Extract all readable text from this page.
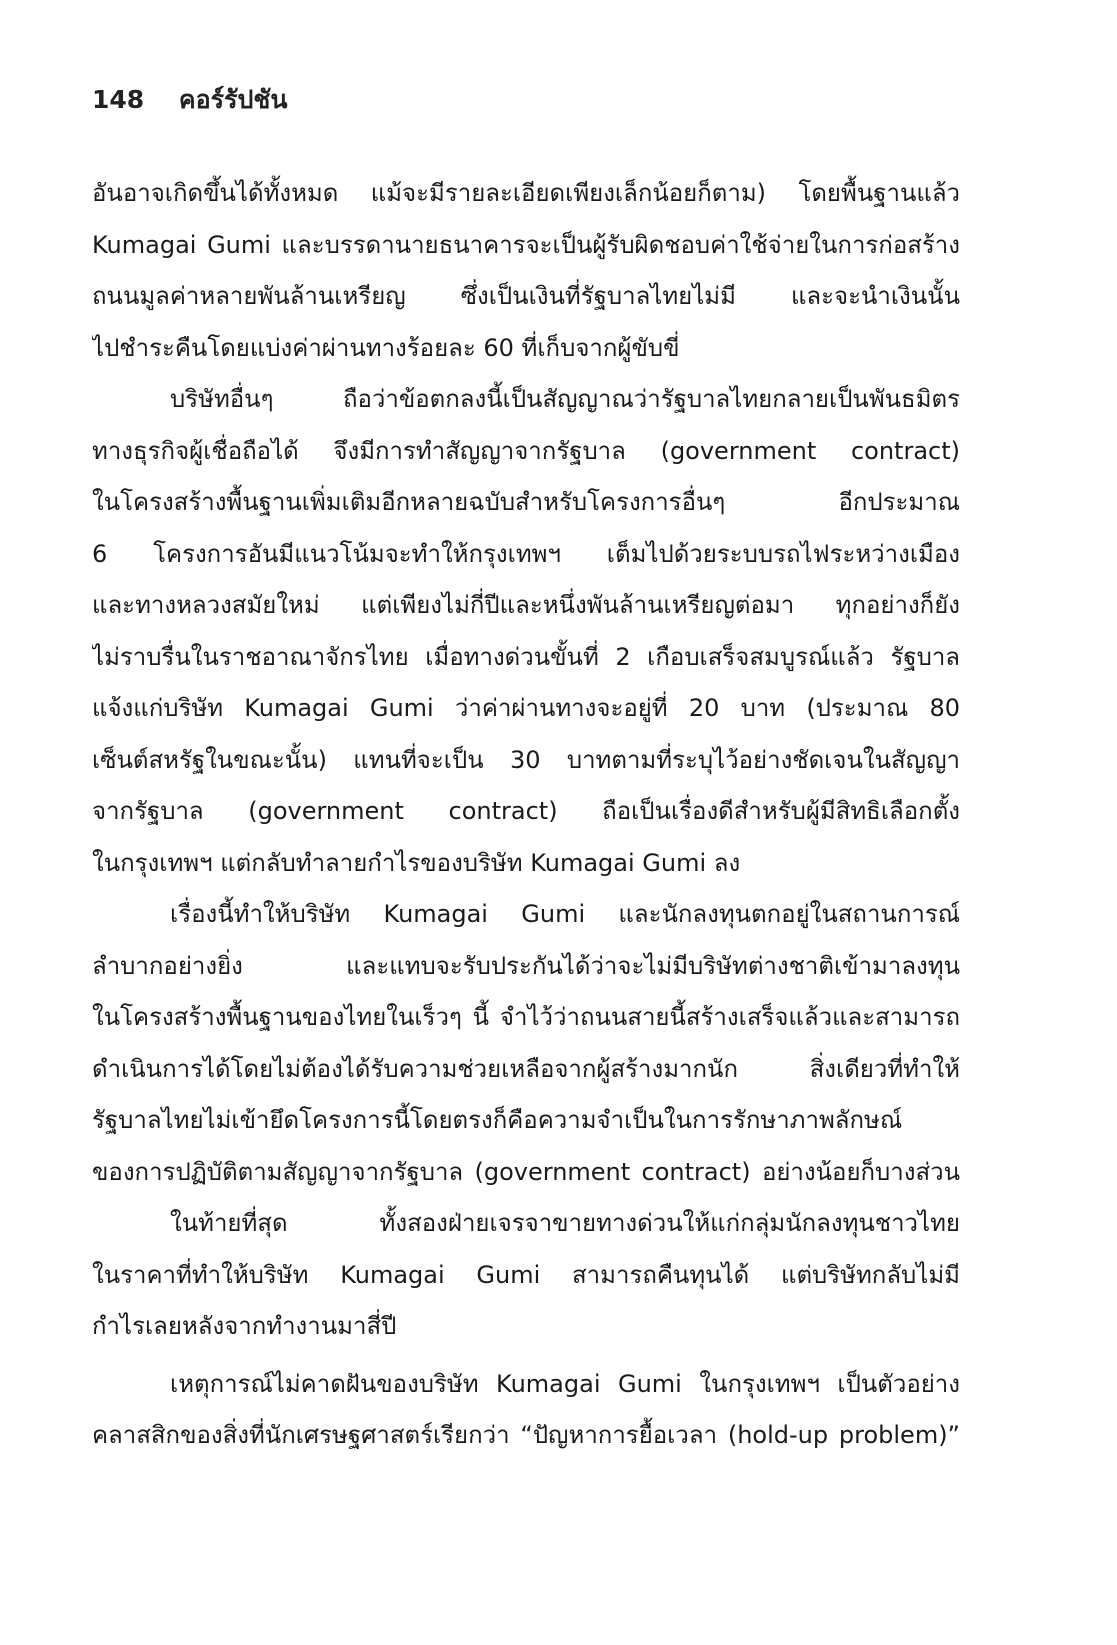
148 คอร์รัปชัน
อันอาจเกิดขึ้นได้ทั้งหมด แม้จะมีรายละเอียดเพียงเล็กน้อยก็ตาม) โดยพื้นฐานแล้ว
Kumagai Gumi และบรรดานายธนาคารจะเป็นผู้รับผิดชอบค่าใช้จ่ายในการก่อสร้าง
ถนนมูลค่าหลายพันล้านเหรียญ ซึ่งเป็นเงินที่รัฐบาลไทยไม่มี และจะนำเงินนั้น
ไปชำระคืนโดยแบ่งค่าผ่านทางร้อยละ 60 ที่เก็บจากผู้ขับขี่
บริษัทอื่นๆ ถือว่าข้อตกลงนี้เป็นสัญญาณว่ารัฐบาลไทยกลายเป็นพันธมิตร
ทางธุรกิจผู้เชื่อถือได้ จึงมีการทำสัญญาจากรัฐบาล (government contract)
ในโครงสร้างพื้นฐานเพิ่มเติมอีกหลายฉบับสำหรับโครงการอื่นๆ อีกประมาณ
6 โครงการอันมีแนวโน้มจะทำให้กรุงเทพฯ เต็มไปด้วยระบบรถไฟระหว่างเมือง
และทางหลวงสมัยใหม่ แต่เพียงไม่กี่ปีและหนึ่งพันล้านเหรียญต่อมา ทุกอย่างก็ยัง
ไม่ราบรื่นในราชอาณาจักรไทย เมื่อทางด่วนขั้นที่ 2 เกือบเสร็จสมบูรณ์แล้ว รัฐบาล
แจ้งแก่บริษัท Kumagai Gumi ว่าค่าผ่านทางจะอยู่ที่ 20 บาท (ประมาณ 80
เซ็นต์สหรัฐในขณะนั้น) แทนที่จะเป็น 30 บาทตามที่ระบุไว้อย่างชัดเจนในสัญญา
จากรัฐบาล (government contract) ถือเป็นเรื่องดีสำหรับผู้มีสิทธิเลือกตั้ง
ในกรุงเทพฯ แต่กลับทำลายกำไรของบริษัท Kumagai Gumi ลง
เรื่องนี้ทำให้บริษัท Kumagai Gumi และนักลงทุนตกอยู่ในสถานการณ์
ลำบากอย่างยิ่ง และแทบจะรับประกันได้ว่าจะไม่มีบริษัทต่างชาติเข้ามาลงทุน
ในโครงสร้างพื้นฐานของไทยในเร็วๆ นี้ จำไว้ว่าถนนสายนี้สร้างเสร็จแล้วและสามารถ
ดำเนินการได้โดยไม่ต้องได้รับความช่วยเหลือจากผู้สร้างมากนัก สิ่งเดียวที่ทำให้
รัฐบาลไทยไม่เข้ายึดโครงการนี้โดยตรงก็คือความจำเป็นในการรักษาภาพลักษณ์
ของการปฏิบัติตามสัญญาจากรัฐบาล (government contract) อย่างน้อยก็บางส่วน
ในท้ายที่สุด ทั้งสองฝ่ายเจรจาขายทางด่วนให้แก่กลุ่มนักลงทุนชาวไทย
ในราคาที่ทำให้บริษัท Kumagai Gumi สามารถคืนทุนได้ แต่บริษัทกลับไม่มี
กำไรเลยหลังจากทำงานมาสี่ปี
เหตุการณ์ไม่คาดฝันของบริษัท Kumagai Gumi ในกรุงเทพฯ เป็นตัวอย่าง
คลาสสิกของสิ่งที่นักเศรษฐศาสตร์เรียกว่า “ปัญหาการยื้อเวลา (hold-up problem)”
